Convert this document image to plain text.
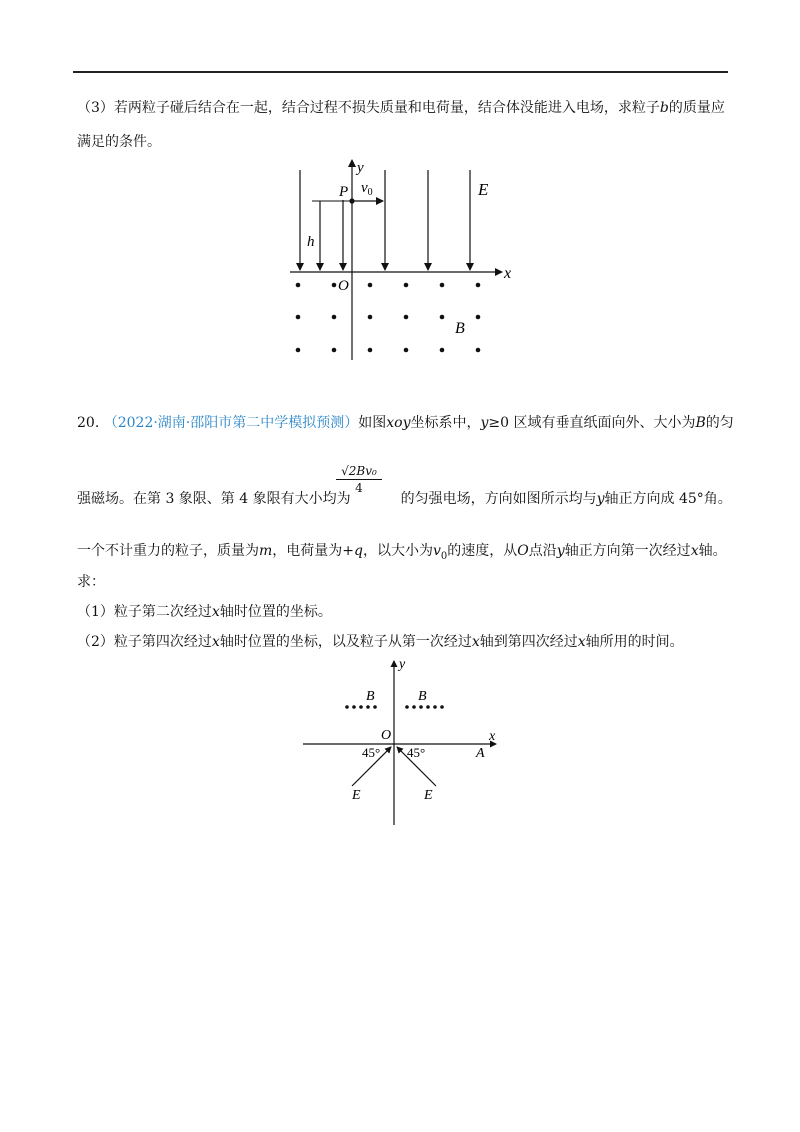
（3）若两粒子碰后结合在一起，结合过程不损失质量和电荷量，结合体没能进入电场，求粒子b的质量应
满足的条件。
y
x
P $v_0$	E
h
O
B
20. （2022·湖南·邵阳市第二中学模拟预测）如图xoy坐标系中，y≥0 区域有垂直纸面向外、大小为B的匀
√2Bv₀
4
强磁场。在第 3 象限、第 4 象限有大小均为	的匀强电场，方向如图所示均与y轴正方向成 45°角。
一个不计重力的粒子，质量为m，电荷量为+q，以大小为$v_0$的速度，从O点沿y轴正方向第一次经过x轴。
求：
（1）粒子第二次经过x轴时位置的坐标。
（2）粒子第四次经过x轴时位置的坐标，以及粒子从第一次经过x轴到第四次经过x轴所用的时间。
y
x
O
B	B
45° 45°	A
E	E
